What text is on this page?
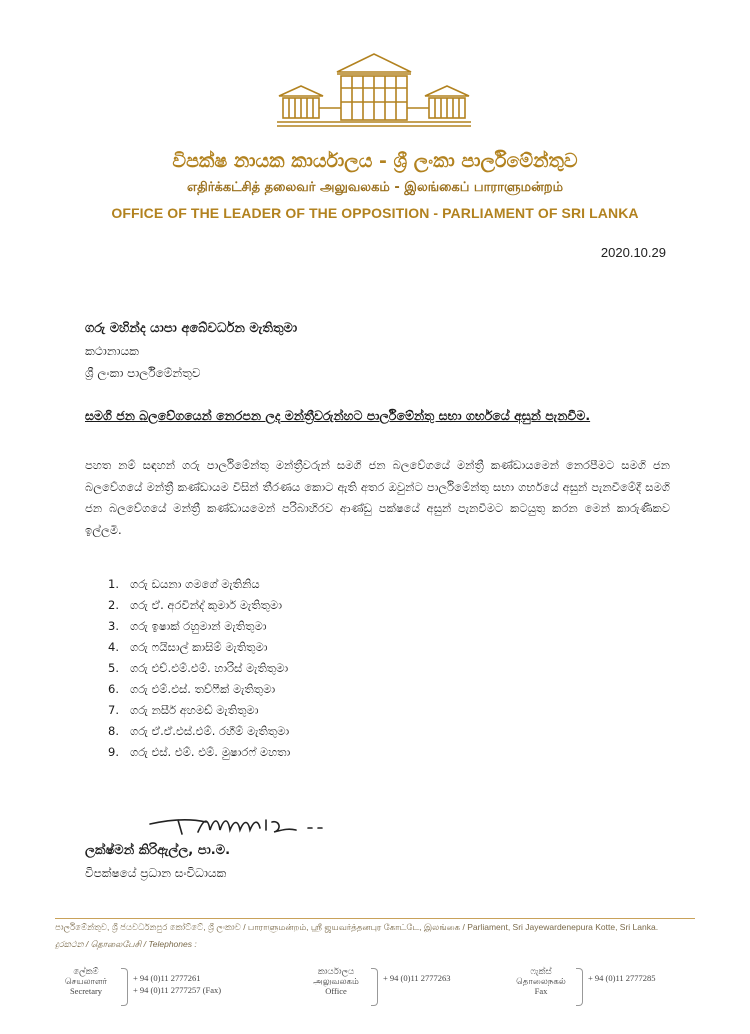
විපක්ෂ නායක කාර්යාලය - ශ්‍රී ලංකා පාර්ලිමේන්තුව
எதிர்க்கட்சித் தலைவர் அலுவலகம் - இலங்கைப் பாராளுமன்றம்
OFFICE OF THE LEADER OF THE OPPOSITION - PARLIAMENT OF SRI LANKA
2020.10.29
ගරු මහින්ද යාපා අබේවර්ධන මැතිතුමා
කථානායක
ශ්‍රී ලංකා පාර්ලිමේන්තුව
සමගි ජන බලවේගයෙන් නෙරපන ලද මන්ත්‍රීවරුන්හට පාර්ලිමේන්තු සභා ගර්භයේ අසුන් පැනවීම.
පහත නම් සඳහන් ගරු පාර්ලිමේන්තු මන්ත්‍රීවරුන් සමගි ජන බලවේගයේ මන්ත්‍රී කණ්ඩායමෙන් නෙරපීමට සමගි ජන බලවේගයේ මන්ත්‍රී කණ්ඩායම විසින් තීරණය කොට ඇති අතර ඔවුන්ට පාර්ලිමේන්තු සභා ගර්භයේ අසුන් පැනවීමේදී සමගි ජන බලවේගයේ මන්ත්‍රී කණ්ඩායමෙන් පරිබාහිරව ආණ්ඩු පක්ෂයේ අසුන් පැනවීමට කටයුතු කරන මෙන් කාරුණිකව ඉල්ලමි.
1. ගරු ඩයනා ගමගේ මැතිනිය
2. ගරු ඒ. අරවින්ද් කුමාර් මැතිතුමා
3. ගරු ඉෂාක් රහුමාන් මැතිතුමා
4. ගරු ෆයිසාල් කාසිම් මැතිතුමා
5. ගරු එච්.එම්.එම්. හාරිස් මැතිතුමා
6. ගරු එම්.එස්. තව්ෆීක් මැතිතුමා
7. ගරු නසීර් අහමඩ් මැතිතුමා
8. ගරු ඒ.ඒ.එස්.එම්. රහීම් මැතිතුමා
9. ගරු එස්. එම්. එම්. මුෂාරෆ් මහතා
ලක්ෂ්මන් කිරිඇල්ල, පා.ම.
විපක්ෂයේ ප්‍රධාන සංවිධායක
පාර්ලිමේන්තුව, ශ්‍රී ජයවර්ධනපුර කෝට්ටේ, ශ්‍රී ලංකාව / பாராளுமன்றம், ஸ்ரீ ஜயவர்த்தனபுர கோட்டே, இலங்கை / Parliament, Sri Jayewardenepura Kotte, Sri Lanka.
දුරකථන / தொலைபேசி / Telephones :
ලේකම්
செயலாளர்
Secretary
+ 94 (0)11 2777261
+ 94 (0)11 2777257 (Fax)
කාර්යාලය
அலுவலகம்
Office
+ 94 (0)11 2777263
ෆැක්ස්
தொலைநகல்
Fax
+ 94 (0)11 2777285
